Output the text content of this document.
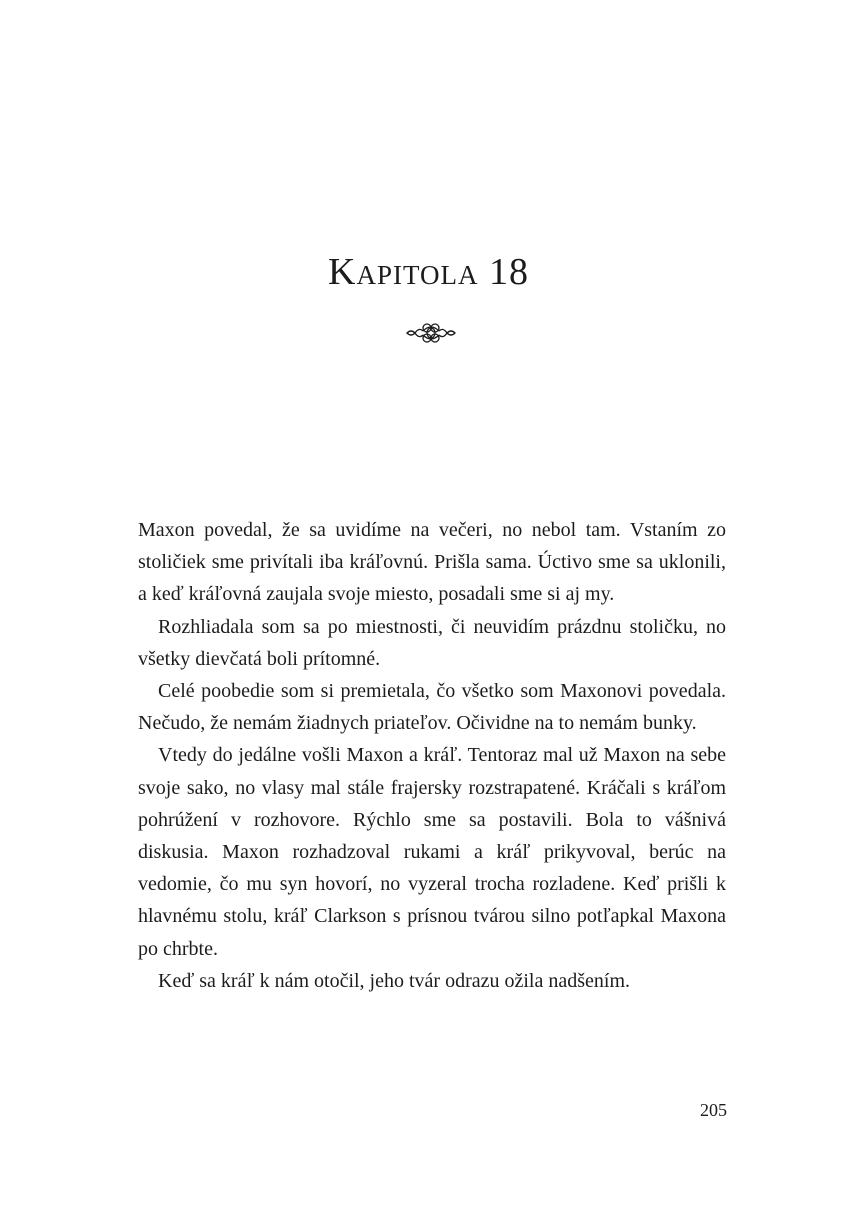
Kapitola 18

Maxon povedal, že sa uvidíme na večeri, no nebol tam. Vstaním zo stoličiek sme privítali iba kráľovnú. Prišla sama. Úctivo sme sa uklonili, a keď kráľovná zaujala svoje miesto, posadali sme si aj my.

Rozhliadala som sa po miestnosti, či neuvidím prázdnu stoličku, no všetky dievčatá boli prítomné.

Celé poobedie som si premietala, čo všetko som Maxonovi povedala. Nečudo, že nemám žiadnych priateľov. Očividne na to nemám bunky.

Vtedy do jedálne vošli Maxon a kráľ. Tentoraz mal už Maxon na sebe svoje sako, no vlasy mal stále frajersky rozstrapatené. Kráčali s kráľom pohrúžení v rozhovore. Rýchlo sme sa postavili. Bola to vášnivá diskusia. Maxon rozhadzoval rukami a kráľ prikyvoval, berúc na vedomie, čo mu syn hovorí, no vyzeral trocha rozladene. Keď prišli k hlavnému stolu, kráľ Clarkson s prísnou tvárou silno potľapkal Maxona po chrbte.

Keď sa kráľ k nám otočil, jeho tvár odrazu ožila nadšením.

205
